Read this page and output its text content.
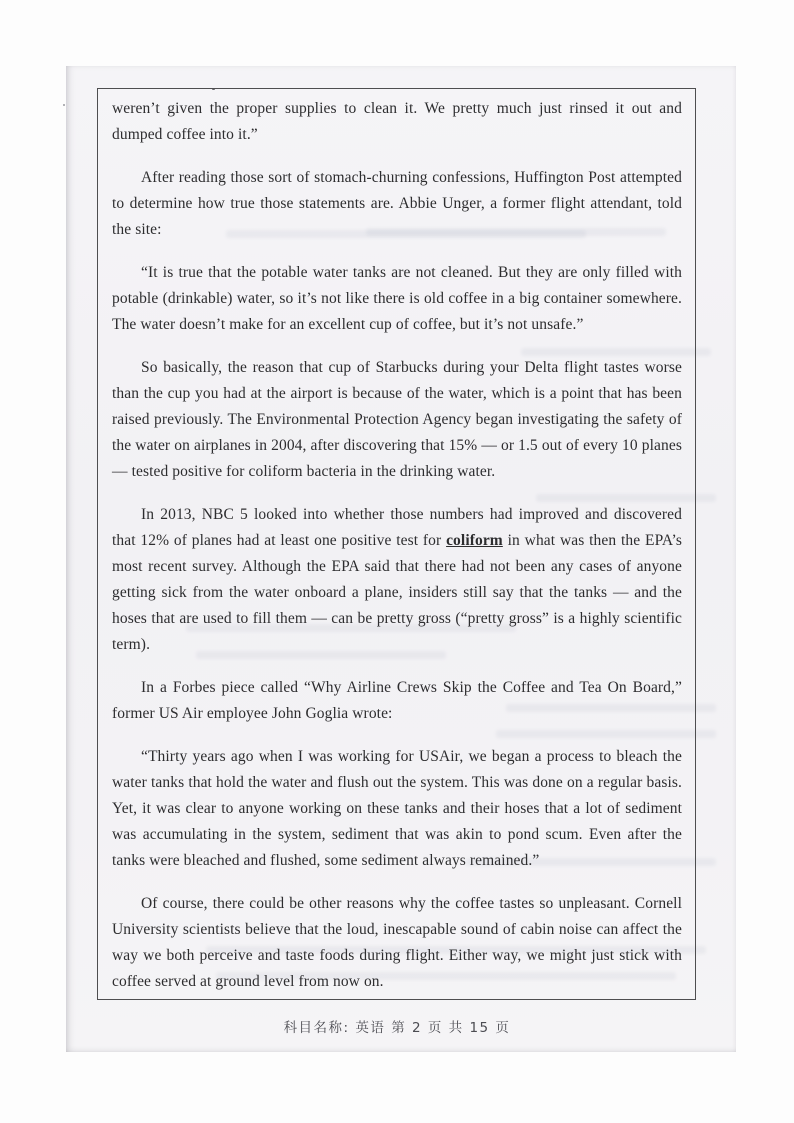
weren’t given the proper supplies to clean it. We pretty much just rinsed it out and dumped coffee into it.”

After reading those sort of stomach-churning confessions, Huffington Post attempted to determine how true those statements are. Abbie Unger, a former flight attendant, told the site:

“It is true that the potable water tanks are not cleaned. But they are only filled with potable (drinkable) water, so it’s not like there is old coffee in a big container somewhere. The water doesn’t make for an excellent cup of coffee, but it’s not unsafe.”

So basically, the reason that cup of Starbucks during your Delta flight tastes worse than the cup you had at the airport is because of the water, which is a point that has been raised previously. The Environmental Protection Agency began investigating the safety of the water on airplanes in 2004, after discovering that 15% — or 1.5 out of every 10 planes — tested positive for coliform bacteria in the drinking water.

In 2013, NBC 5 looked into whether those numbers had improved and discovered that 12% of planes had at least one positive test for coliform in what was then the EPA’s most recent survey. Although the EPA said that there had not been any cases of anyone getting sick from the water onboard a plane, insiders still say that the tanks — and the hoses that are used to fill them — can be pretty gross (“pretty gross” is a highly scientific term).

In a Forbes piece called “Why Airline Crews Skip the Coffee and Tea On Board,” former US Air employee John Goglia wrote:

“Thirty years ago when I was working for USAir, we began a process to bleach the water tanks that hold the water and flush out the system. This was done on a regular basis. Yet, it was clear to anyone working on these tanks and their hoses that a lot of sediment was accumulating in the system, sediment that was akin to pond scum. Even after the tanks were bleached and flushed, some sediment always remained.”

Of course, there could be other reasons why the coffee tastes so unpleasant. Cornell University scientists believe that the loud, inescapable sound of cabin noise can affect the way we both perceive and taste foods during flight. Either way, we might just stick with coffee served at ground level from now on.

科目名称: 英语 第 2 页 共 15 页
